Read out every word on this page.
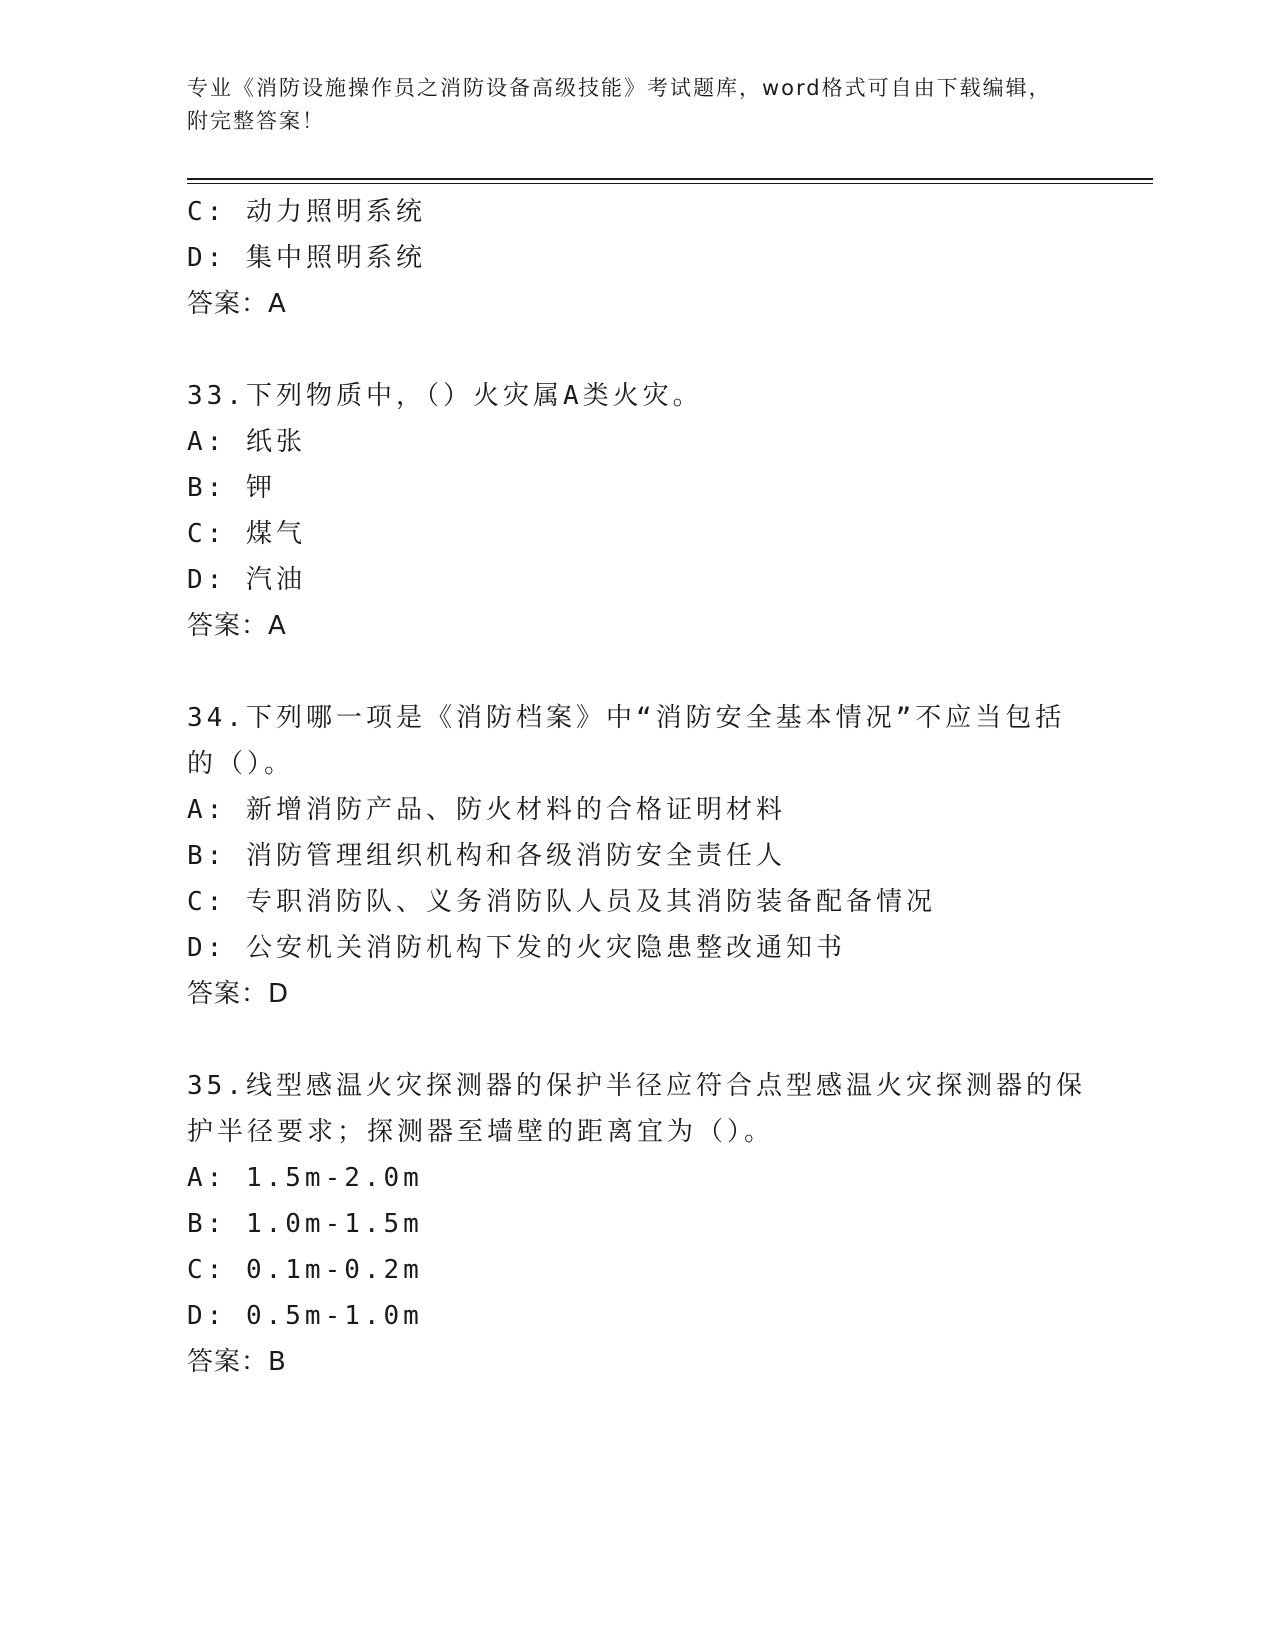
专业《消防设施操作员之消防设备高级技能》考试题库，word格式可自由下载编辑，附完整答案！
C: 动力照明系统
D: 集中照明系统
答案：A
33.下列物质中，（）火灾属A类火灾。
A: 纸张
B: 钾
C: 煤气
D: 汽油
答案：A
34.下列哪一项是《消防档案》中“消防安全基本情况”不应当包括的（）。
A: 新增消防产品、防火材料的合格证明材料
B: 消防管理组织机构和各级消防安全责任人
C: 专职消防队、义务消防队人员及其消防装备配备情况
D: 公安机关消防机构下发的火灾隐患整改通知书
答案：D
35.线型感温火灾探测器的保护半径应符合点型感温火灾探测器的保护半径要求；探测器至墙壁的距离宜为（）。
A: 1.5m-2.0m
B: 1.0m-1.5m
C: 0.1m-0.2m
D: 0.5m-1.0m
答案：B
